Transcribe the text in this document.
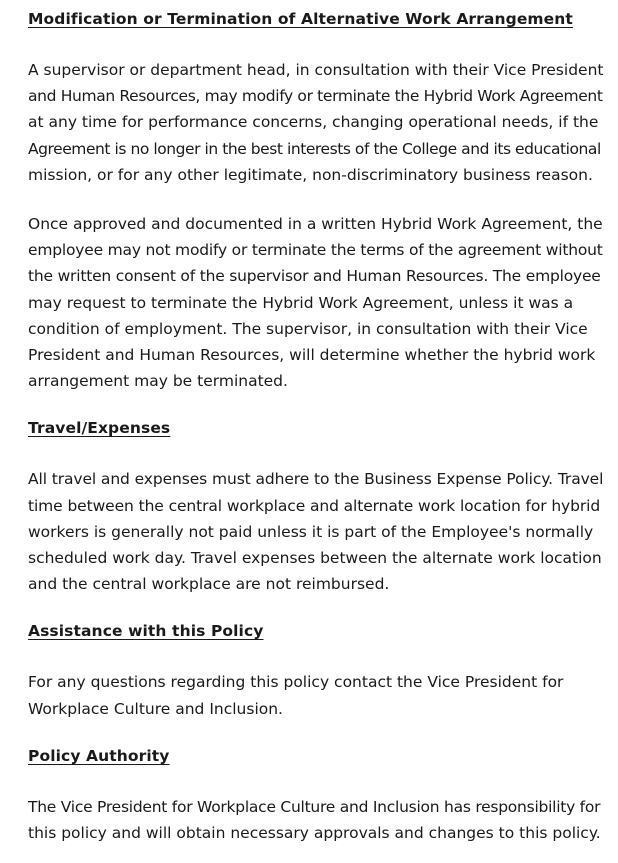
Modification or Termination of Alternative Work Arrangement

A supervisor or department head, in consultation with their Vice President
and Human Resources, may modify or terminate the Hybrid Work Agreement
at any time for performance concerns, changing operational needs, if the
Agreement is no longer in the best interests of the College and its educational
mission, or for any other legitimate, non-discriminatory business reason.

Once approved and documented in a written Hybrid Work Agreement, the
employee may not modify or terminate the terms of the agreement without
the written consent of the supervisor and Human Resources. The employee
may request to terminate the Hybrid Work Agreement, unless it was a
condition of employment. The supervisor, in consultation with their Vice
President and Human Resources, will determine whether the hybrid work
arrangement may be terminated.

Travel/Expenses

All travel and expenses must adhere to the Business Expense Policy. Travel
time between the central workplace and alternate work location for hybrid
workers is generally not paid unless it is part of the Employee's normally
scheduled work day. Travel expenses between the alternate work location
and the central workplace are not reimbursed.

Assistance with this Policy

For any questions regarding this policy contact the Vice President for
Workplace Culture and Inclusion.

Policy Authority

The Vice President for Workplace Culture and Inclusion has responsibility for
this policy and will obtain necessary approvals and changes to this policy.
